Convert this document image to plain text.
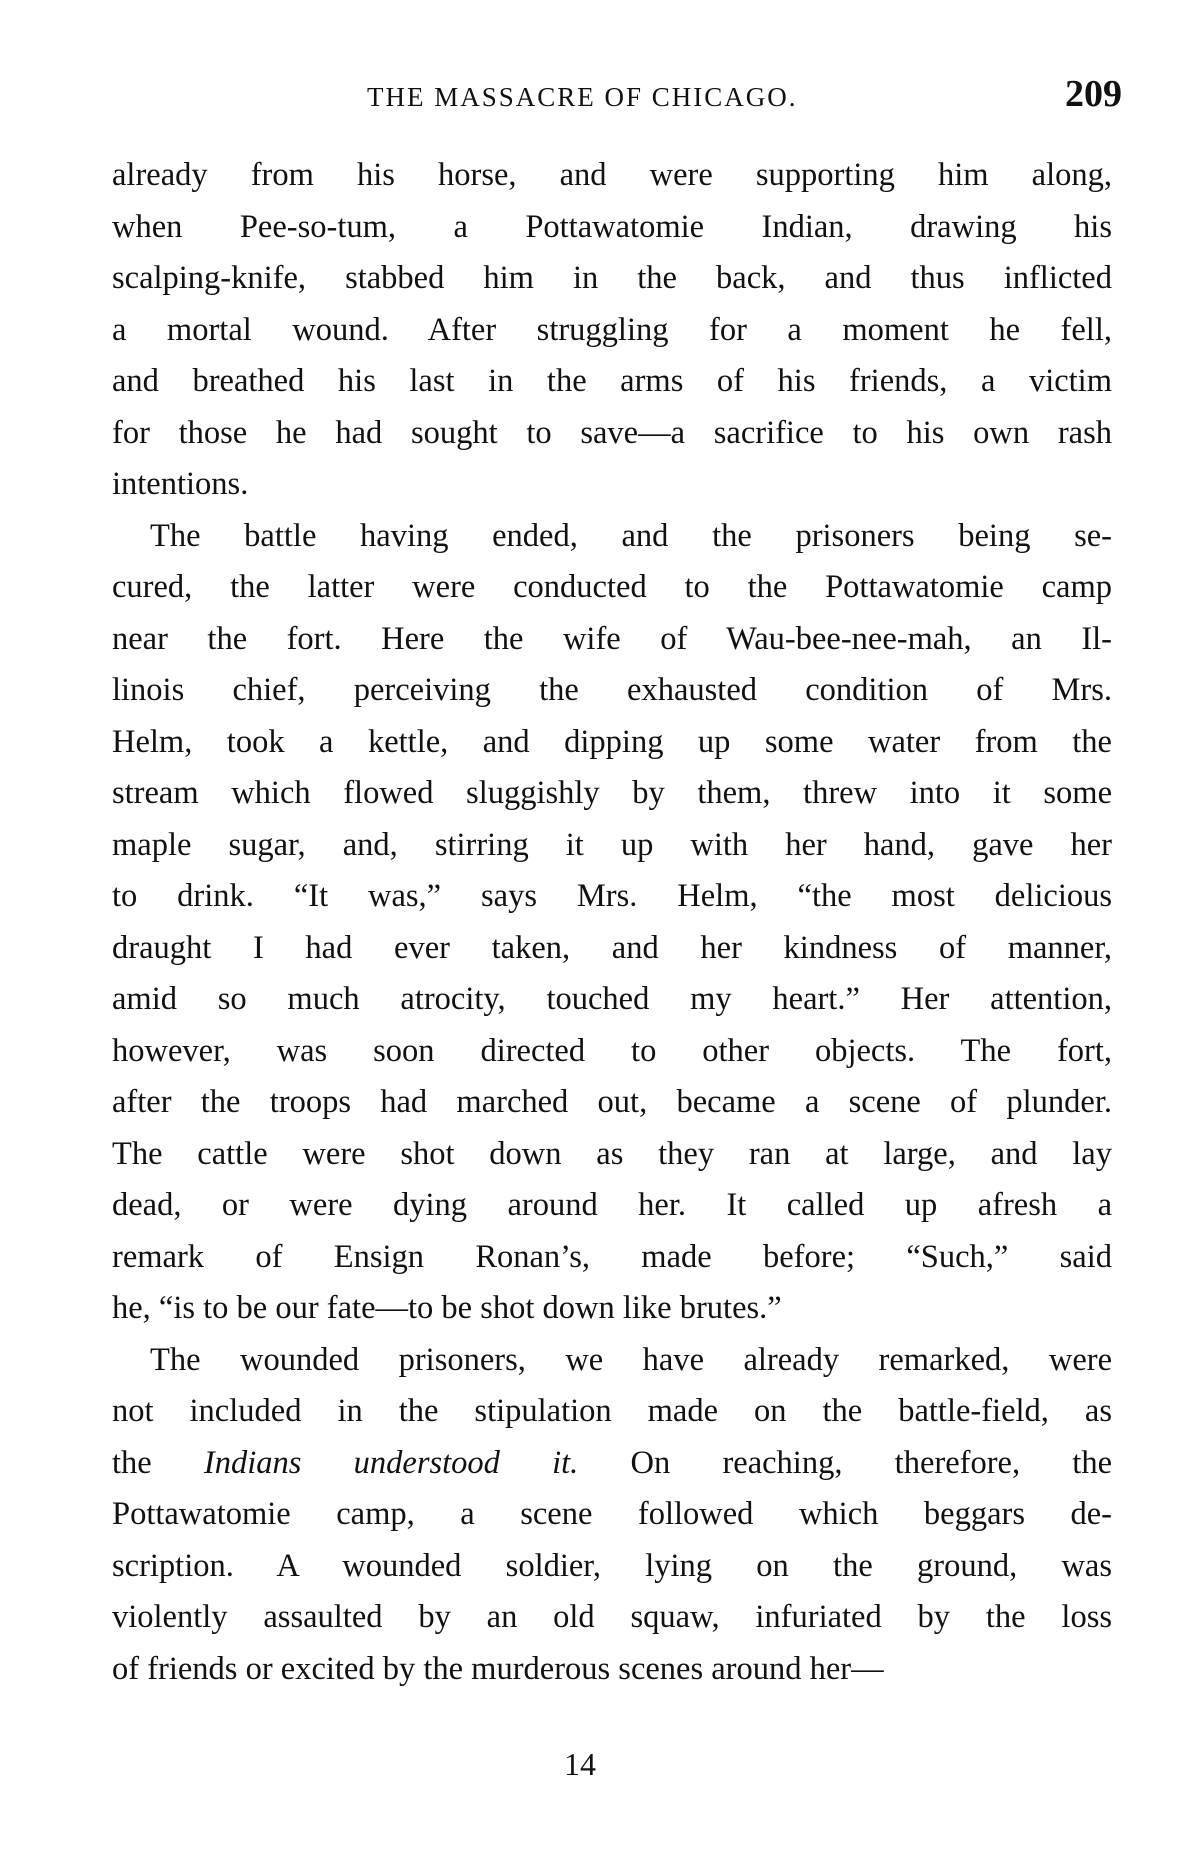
THE MASSACRE OF CHICAGO.	209

already from his horse, and were supporting him along,
when Pee-so-tum, a Pottawatomie Indian, drawing his
scalping-knife, stabbed him in the back, and thus inflicted
a mortal wound. After struggling for a moment he fell,
and breathed his last in the arms of his friends, a victim
for those he had sought to save—a sacrifice to his own rash
intentions.

The battle having ended, and the prisoners being se-
cured, the latter were conducted to the Pottawatomie camp
near the fort. Here the wife of Wau-bee-nee-mah, an Il-
linois chief, perceiving the exhausted condition of Mrs.
Helm, took a kettle, and dipping up some water from the
stream which flowed sluggishly by them, threw into it some
maple sugar, and, stirring it up with her hand, gave her
to drink. “It was,” says Mrs. Helm, “the most delicious
draught I had ever taken, and her kindness of manner,
amid so much atrocity, touched my heart.” Her attention,
however, was soon directed to other objects. The fort,
after the troops had marched out, became a scene of plunder.
The cattle were shot down as they ran at large, and lay
dead, or were dying around her. It called up afresh a
remark of Ensign Ronan’s, made before; “Such,” said
he, “is to be our fate—to be shot down like brutes.”

The wounded prisoners, we have already remarked, were
not included in the stipulation made on the battle-field, as
the Indians understood it. On reaching, therefore, the
Pottawatomie camp, a scene followed which beggars de-
scription. A wounded soldier, lying on the ground, was
violently assaulted by an old squaw, infuriated by the loss
of friends or excited by the murderous scenes around her—

14
